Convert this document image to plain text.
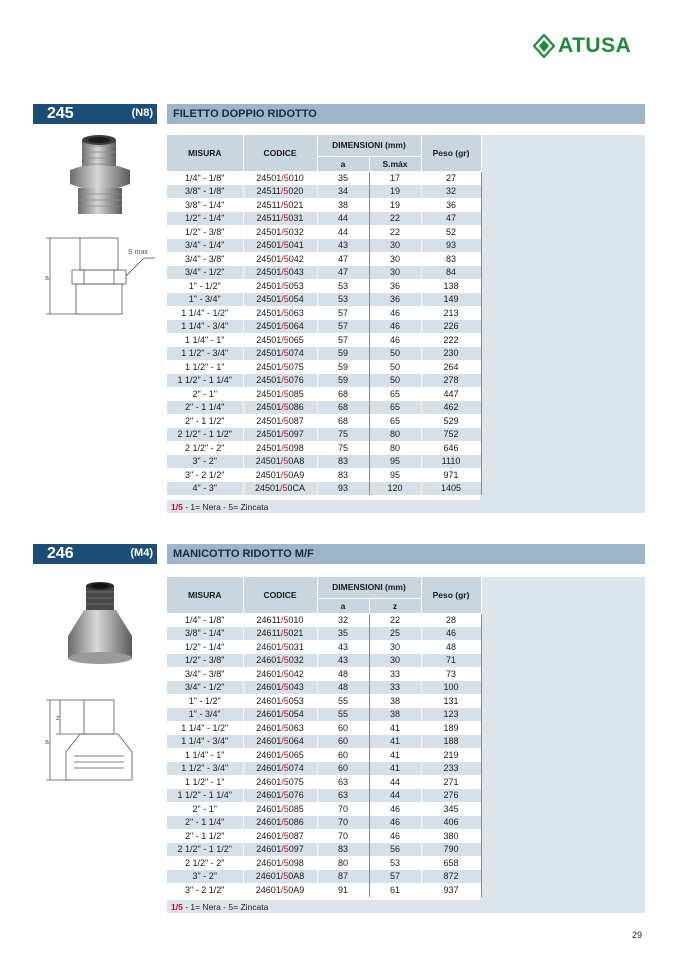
ATUSA
245	(N8) FILETTO DOPPIO RIDOTTO
S max
a
MISURA	CODICE	DIMENSIONI (mm)		Peso (gr)
		a	S.máx	
1/4" - 1/8"	24501/5010	35	17	27
3/8" - 1/8"	24511/5020	34	19	32
3/8" - 1/4"	24511/5021	38	19	36
1/2" - 1/4"	24511/5031	44	22	47
1/2" - 3/8"	24501/5032	44	22	52
3/4" - 1/4"	24501/5041	43	30	93
3/4" - 3/8"	24501/5042	47	30	83
3/4" - 1/2"	24501/5043	47	30	84
1" - 1/2"	24501/5053	53	36	138
1" - 3/4"	24501/5054	53	36	149
1 1/4" - 1/2"	24501/5063	57	46	213
1 1/4" - 3/4"	24501/5064	57	46	226
1 1/4" - 1"	24501/5065	57	46	222
1 1/2" - 3/4"	24501/5074	59	50	230
1 1/2" - 1"	24501/5075	59	50	264
1 1/2" - 1 1/4"	24501/5076	59	50	278
2" - 1"	24501/5085	68	65	447
2" - 1 1/4"	24501/5086	68	65	462
2" - 1 1/2"	24501/5087	68	65	529
2 1/2" - 1 1/2"	24501/5097	75	80	752
2 1/2" - 2"	24501/5098	75	80	646
3" - 2"	24501/50A8	83	95	1110
3" - 2 1/2"	24501/50A9	83	95	971
4" - 3"	24501/50CA	93	120	1405
1/5 - 1= Nera - 5= Zincata
246	(M4) MANICOTTO RIDOTTO M/F
z
a
MISURA	CODICE	DIMENSIONI (mm)		Peso (gr)
		a	z	
1/4" - 1/8"	24611/5010	32	22	28
3/8" - 1/4"	24611/5021	35	25	46
1/2" - 1/4"	24601/5031	43	30	48
1/2" - 3/8"	24601/5032	43	30	71
3/4" - 3/8"	24601/5042	48	33	73
3/4" - 1/2"	24601/5043	48	33	100
1" - 1/2"	24601/5053	55	38	131
1" - 3/4"	24601/5054	55	38	123
1 1/4" - 1/2"	24601/5063	60	41	189
1 1/4" - 3/4"	24601/5064	60	41	188
1 1/4" - 1"	24601/5065	60	41	219
1 1/2" - 3/4"	24601/5074	60	41	233
1 1/2" - 1"	24601/5075	63	44	271
1 1/2" - 1 1/4"	24601/5076	63	44	276
2" - 1"	24601/5085	70	46	345
2" - 1 1/4"	24601/5086	70	46	406
2" - 1 1/2"	24601/5087	70	46	380
2 1/2" - 1 1/2"	24601/5097	83	56	790
2 1/2" - 2"	24601/5098	80	53	658
3" - 2"	24601/50A8	87	57	872
3" - 2 1/2"	24601/50A9	91	61	937
1/5 - 1= Nera - 5= Zincata
29
